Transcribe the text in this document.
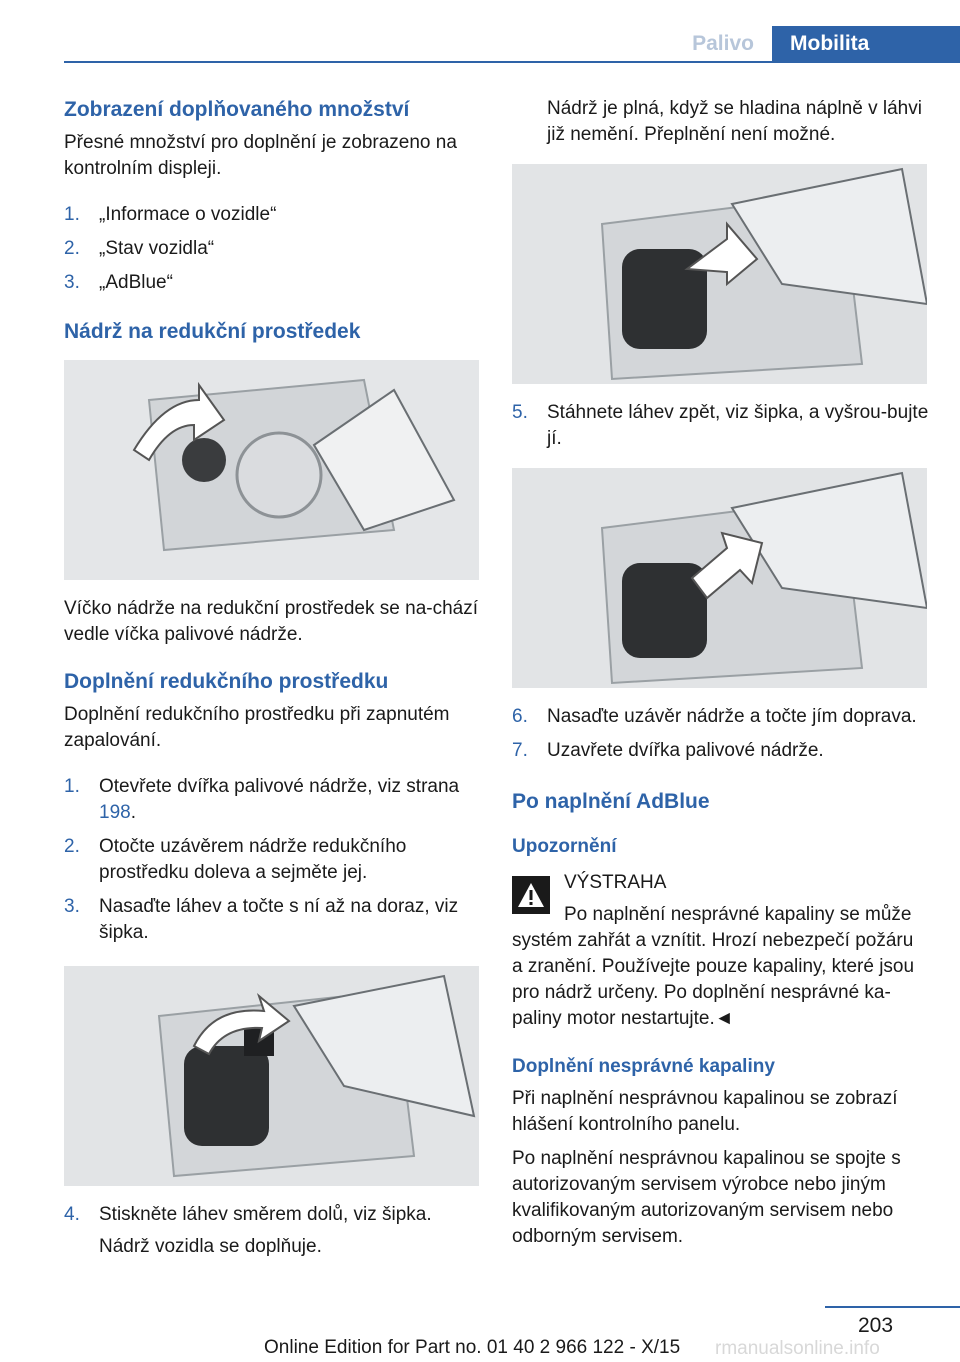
Palivo	Mobilita
Zobrazení doplňovaného množství

Přesné množství pro doplnění je zobrazeno na kontrolním displeji.

1.	„Informace o vozidle“
2.	„Stav vozidla“
3.	„AdBlue“
Nádrž na redukční prostředek

Víčko nádrže na redukční prostředek se na‐chází vedle víčka palivové nádrže.

Doplnění redukčního prostředku

Doplnění redukčního prostředku při zapnutém zapalování.

1.	Otevřete dvířka palivové nádrže, viz strana 198.
2.	Otočte uzávěrem nádrže redukčního prostředku doleva a sejměte jej.
3.	Nasaďte láhev a točte s ní až na doraz, viz šipka.
4.	Stiskněte láhev směrem dolů, viz šipka.

Nádrž vozidla se doplňuje.

Nádrž je plná, když se hladina náplně v láhvi již nemění. Přeplnění není možné.

5.	Stáhnete láhev zpět, viz šipka, a vyšrou‐bujte jí.
6.	Nasaďte uzávěr nádrže a točte jím doprava.
7.	Uzavřete dvířka palivové nádrže.
Po naplnění AdBlue
Upozornění
VÝSTRAHA

Po naplnění nesprávné kapaliny se může systém zahřát a vznítit. Hrozí nebezpečí požáru a zranění. Používejte pouze kapaliny, které jsou pro nádrž určeny. Po doplnění nesprávné ka‐paliny motor nestartujte.◄

Doplnění nesprávné kapaliny

Při naplnění nesprávnou kapalinou se zobrazí hlášení kontrolního panelu.

Po naplnění nesprávnou kapalinou se spojte s autorizovaným servisem výrobce nebo jiným kvalifikovaným autorizovaným servisem nebo odborným servisem.

203
Online Edition for Part no. 01 40 2 966 122 - X/15 rmanualsonline.info
